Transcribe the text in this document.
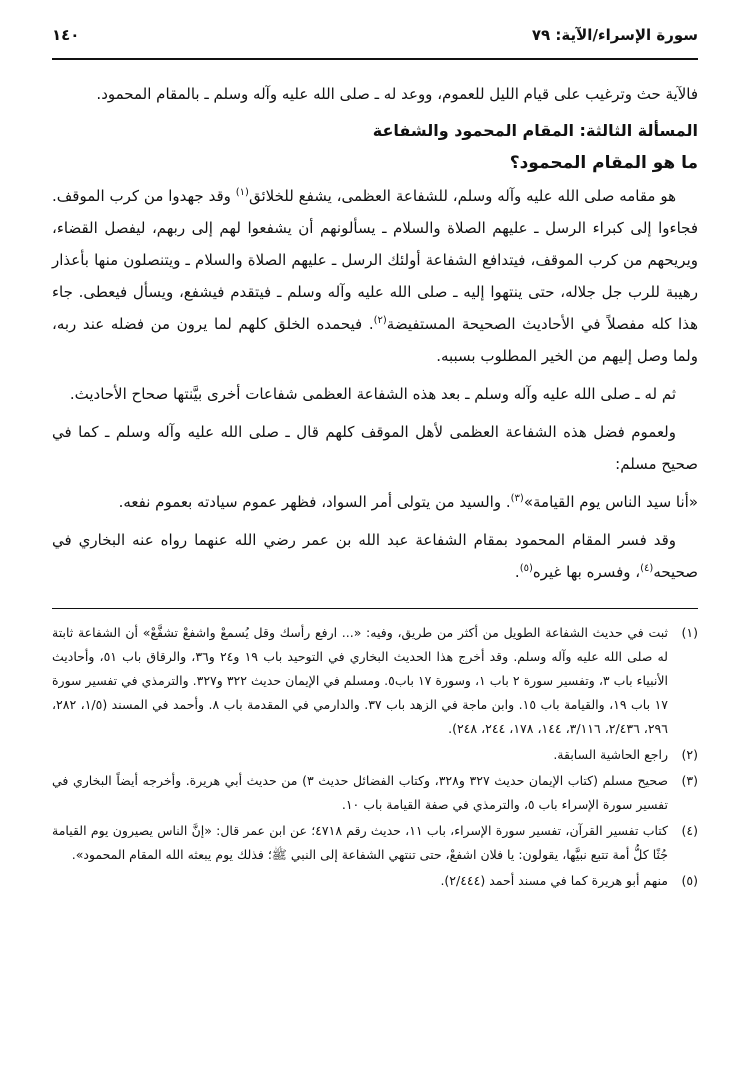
سورة الإسراء/الآية: ٧٩
١٤٠

فالآية حث وترغيب على قيام الليل للعموم، ووعد له ـ صلى الله عليه وآله وسلم ـ بالمقام المحمود.

المسألة الثالثة: المقام المحمود والشفاعة
ما هو المقام المحمود؟

هو مقامه صلى الله عليه وآله وسلم، للشفاعة العظمى، يشفع للخلائق$^{(١)}$ وقد جهدوا من كرب الموقف. فجاءوا إلى كبراء الرسل ـ عليهم الصلاة والسلام ـ يسألونهم أن يشفعوا لهم إلى ربهم، ليفصل القضاء، ويريحهم من كرب الموقف، فيتدافع الشفاعة أولئك الرسل ـ عليهم الصلاة والسلام ـ ويتنصلون منها بأعذار رهيبة للرب جل جلاله، حتى ينتهوا إليه ـ صلى الله عليه وآله وسلم ـ فيتقدم فيشفع، ويسأل فيعطى. جاء هذا كله مفصلاً في الأحاديث الصحيحة المستفيضة$^{(٢)}$. فيحمده الخلق كلهم لما يرون من فضله عند ربه، ولما وصل إليهم من الخير المطلوب بسببه.

ثم له ـ صلى الله عليه وآله وسلم ـ بعد هذه الشفاعة العظمى شفاعات أخرى بيَّنتها صحاح الأحاديث.

ولعموم فضل هذه الشفاعة العظمى لأهل الموقف كلهم قال ـ صلى الله عليه وآله وسلم ـ كما في صحيح مسلم:

«أنا سيد الناس يوم القيامة»$^{(٣)}$. والسيد من يتولى أمر السواد، فظهر عموم سيادته بعموم نفعه.

وقد فسر المقام المحمود بمقام الشفاعة عبد الله بن عمر رضي الله عنهما رواه عنه البخاري في صحيحه$^{(٤)}$، وفسره بها غيره$^{(٥)}$.

(١)
ثبت في حديث الشفاعة الطويل من أكثر من طريق، وفيه: «... ارفع رأسك وقل يُسمعْ واشفعْ تشفَّعْ» أن الشفاعة ثابتة له صلى الله عليه وآله وسلم. وقد أخرج هذا الحديث البخاري في التوحيد باب ١٩ و٢٤ و٣٦، والرقاق باب ٥١، وأحاديث الأنبياء باب ٣، وتفسير سورة ٢ باب ١، وسورة ١٧ باب٥. ومسلم في الإيمان حديث ٣٢٢ و٣٢٧. والترمذي في تفسير سورة ١٧ باب ١٩، والقيامة باب ١٥. وابن ماجة في الزهد باب ٣٧. والدارمي في المقدمة باب ٨. وأحمد في المسند (١/٥، ٢٨٢، ٢٩٦، ٢/٤٣٦، ٣/١١٦، ١٤٤، ١٧٨، ٢٤٤، ٢٤٨).
(٢)
راجع الحاشية السابقة.
(٣)
صحيح مسلم (كتاب الإيمان حديث ٣٢٧ و٣٢٨، وكتاب الفضائل حديث ٣) من حديث أبي هريرة. وأخرجه أيضاً البخاري في تفسير سورة الإسراء باب ٥، والترمذي في صفة القيامة باب ١٠.
(٤)
كتاب تفسير القرآن، تفسير سورة الإسراء، باب ١١، حديث رقم ٤٧١٨؛ عن ابن عمر قال: «إنَّ الناس يصيرون يوم القيامة جُثًا كلُّ أمة تتبع نبيَّها، يقولون: يا فلان اشفعْ، حتى تنتهي الشفاعة إلى النبي ﷺ؛ فذلك يوم يبعثه الله المقام المحمود».
(٥)
منهم أبو هريرة كما في مسند أحمد (٢/٤٤٤).
